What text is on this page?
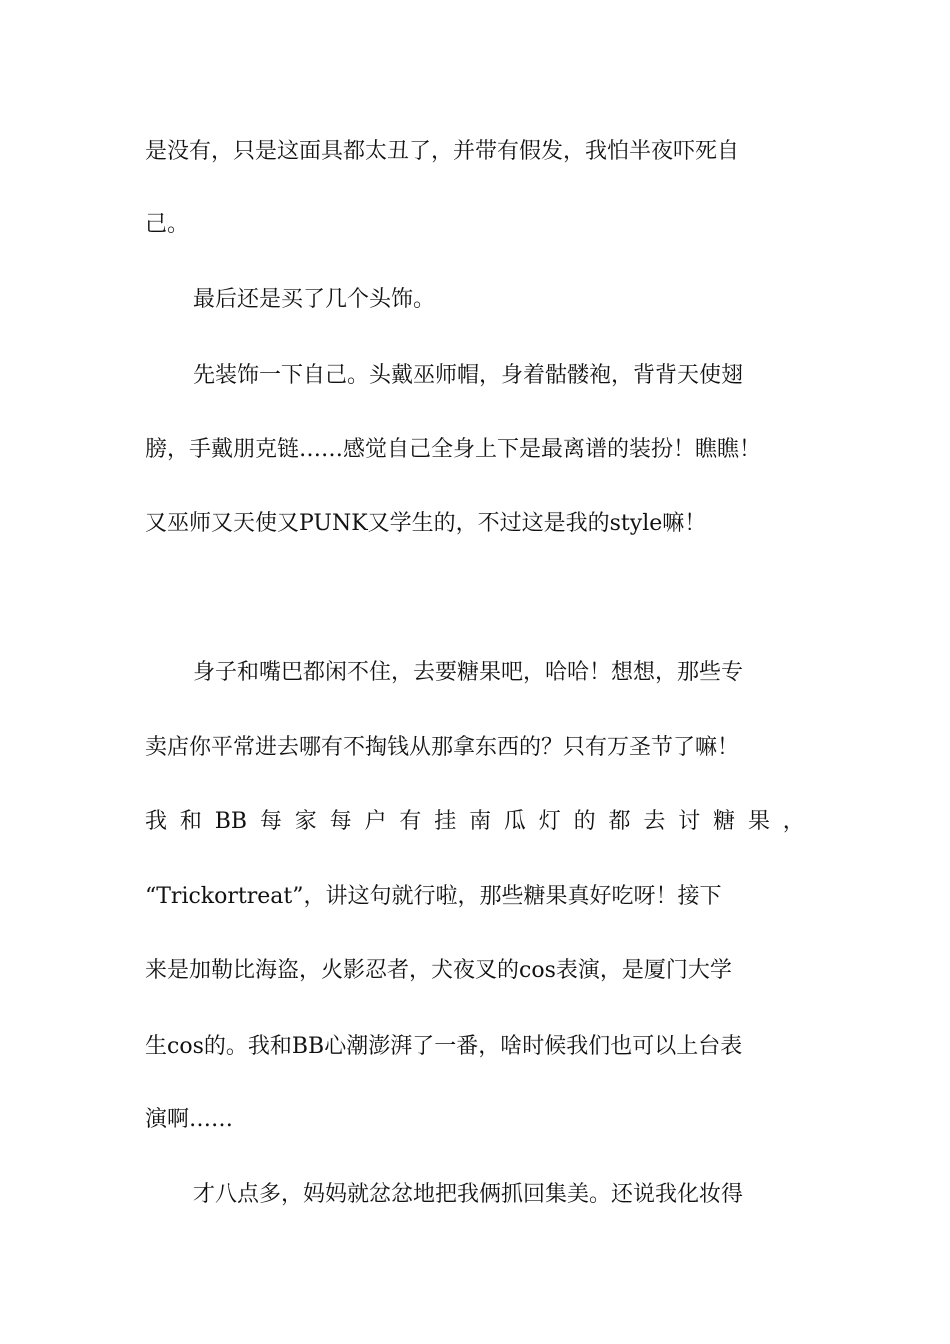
是没有，只是这面具都太丑了，并带有假发，我怕半夜吓死自
己。
最后还是买了几个头饰。
先装饰一下自己。头戴巫师帽，身着骷髅袍，背背天使翅
膀，手戴朋克链……感觉自己全身上下是最离谱的装扮！瞧瞧！
又巫师又天使又PUNK又学生的，不过这是我的style嘛！
身子和嘴巴都闲不住，去要糖果吧，哈哈！想想，那些专
卖店你平常进去哪有不掏钱从那拿东西的？只有万圣节了嘛！
我 和 BB 每 家 每 户 有 挂 南 瓜 灯 的 都 去 讨 糖 果 ，
“Trickortreat”，讲这句就行啦，那些糖果真好吃呀！接下
来是加勒比海盗，火影忍者，犬夜叉的cos表演，是厦门大学
生cos的。我和BB心潮澎湃了一番，啥时候我们也可以上台表
演啊……
才八点多，妈妈就忿忿地把我俩抓回集美。还说我化妆得
